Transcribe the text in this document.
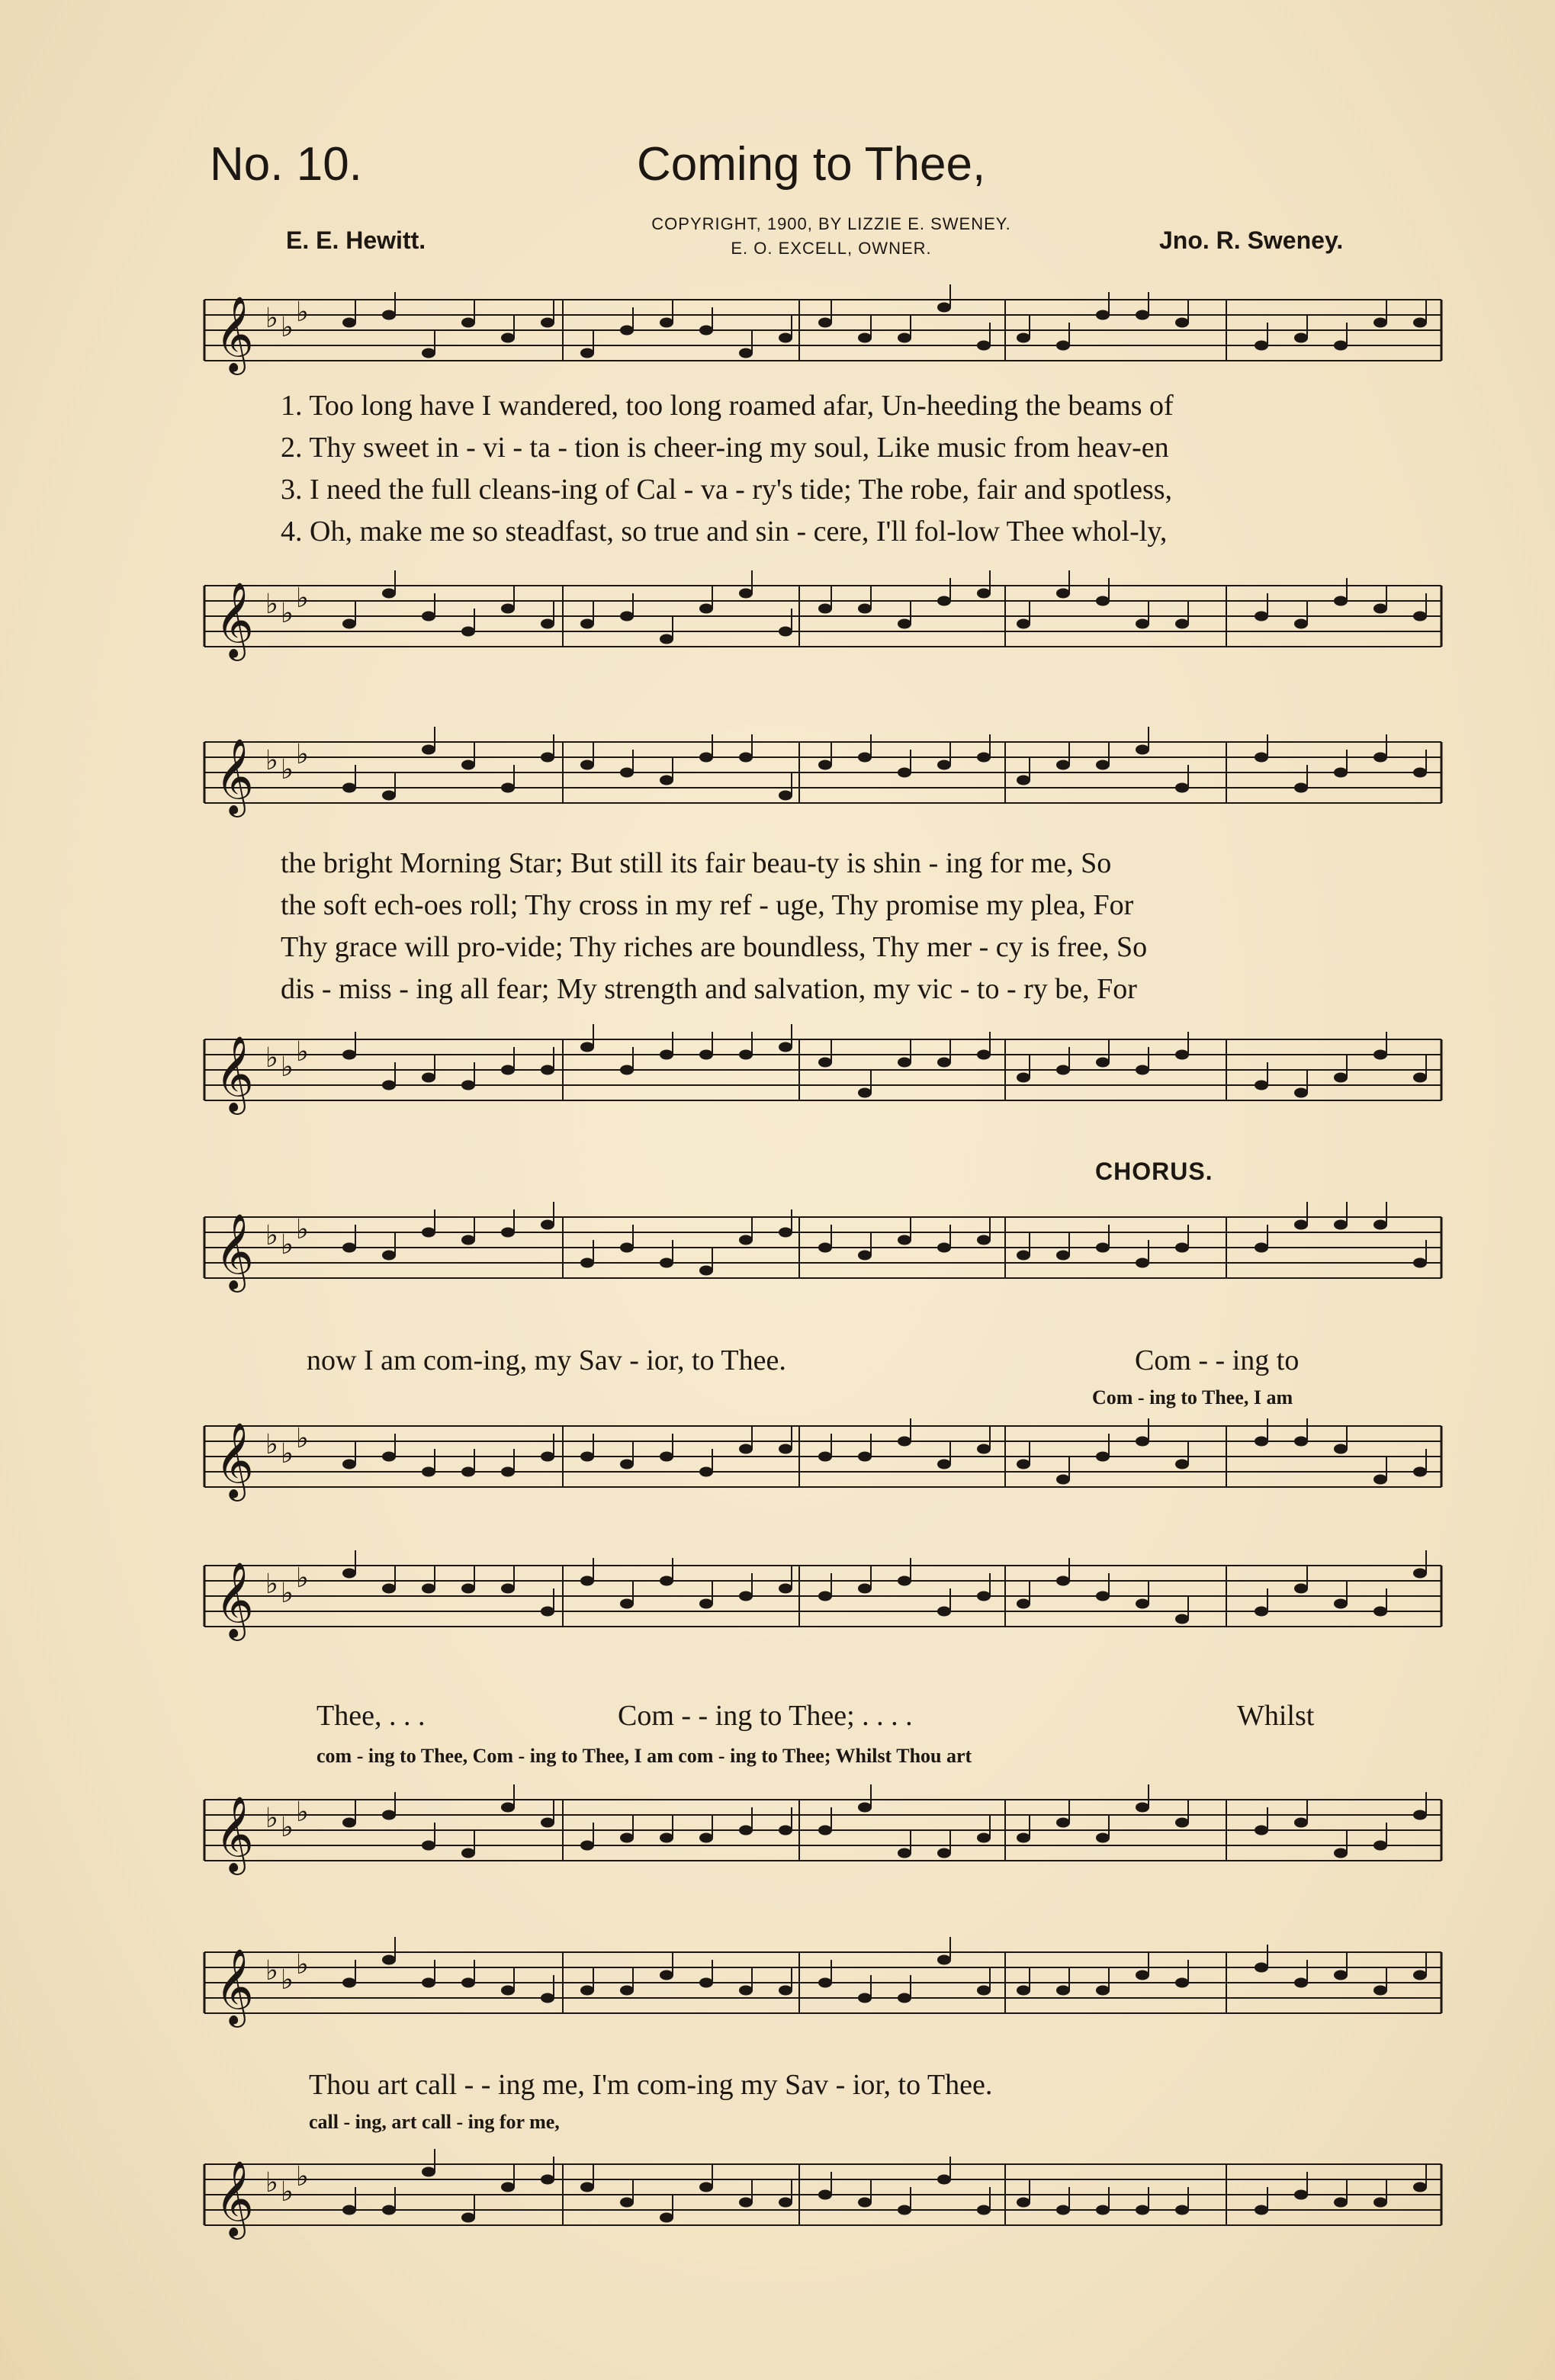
No. 10.	Coming to Thee,
COPYRIGHT, 1900, BY LIZZIE E. SWENEY.
E. O. EXCELL, OWNER.
E. E. Hewitt.	Jno. R. Sweney.
𝄞 ♭ ♭ ♭
1. Too long have I wandered, too long roamed afar, Un-heeding the beams of
2. Thy sweet in - vi - ta - tion is cheer-ing my soul, Like music from heav-en
3. I need the full cleans-ing of Cal - va - ry's tide; The robe, fair and spotless,
4. Oh, make me so steadfast, so true and sin - cere, I'll fol-low Thee whol-ly,
𝄞 ♭ ♭ ♭
𝄞 ♭ ♭ ♭
the bright Morning Star; But still its fair beau-ty is shin - ing for me, So
the soft ech-oes roll; Thy cross in my ref - uge, Thy promise my plea, For
Thy grace will pro-vide; Thy riches are boundless, Thy mer - cy is free, So
dis - miss - ing all fear; My strength and salvation, my vic - to - ry be, For
𝄞 ♭ ♭ ♭
CHORUS.
𝄞 ♭ ♭ ♭
now I am com-ing, my Sav - ior, to Thee.	Com - - ing to
Com - ing to Thee, I am
𝄞 ♭ ♭ ♭
𝄞 ♭ ♭ ♭
Thee, . . .	Com - - ing to Thee; . . . .	Whilst
com - ing to Thee, Com - ing to Thee, I am com - ing to Thee; Whilst Thou art
𝄞 ♭ ♭ ♭
𝄞 ♭ ♭ ♭
Thou art call - - ing me, I'm com-ing my Sav - ior, to Thee.
call - ing, art call - ing for me,
𝄞 ♭ ♭ ♭
